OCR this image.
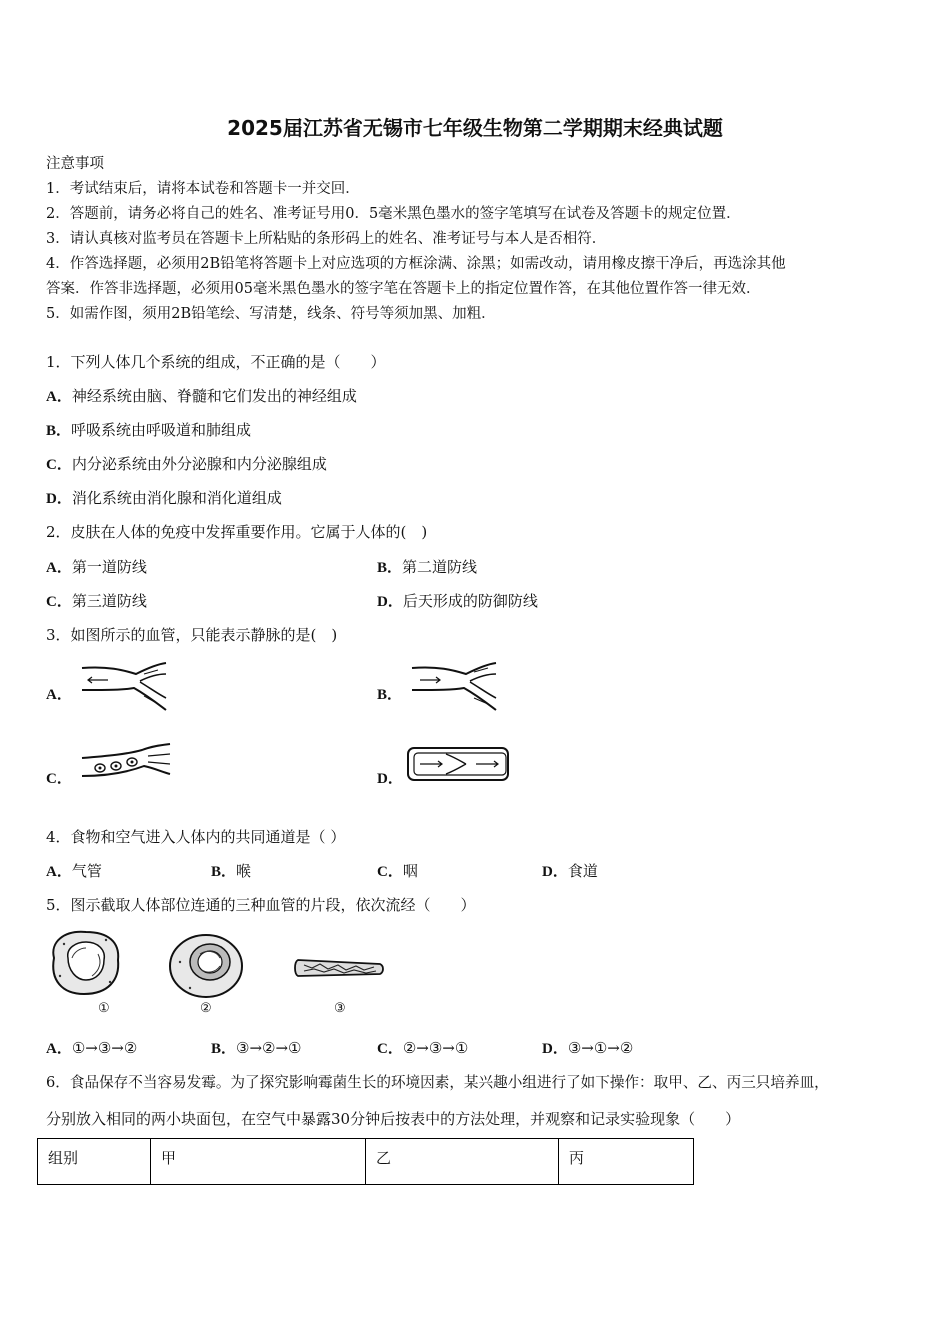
2025届江苏省无锡市七年级生物第二学期期末经典试题
注意事项
1．考试结束后，请将本试卷和答题卡一并交回．
2．答题前，请务必将自己的姓名、准考证号用0．5毫米黑色墨水的签字笔填写在试卷及答题卡的规定位置．
3．请认真核对监考员在答题卡上所粘贴的条形码上的姓名、准考证号与本人是否相符．
4．作答选择题，必须用2B铅笔将答题卡上对应选项的方框涂满、涂黑；如需改动，请用橡皮擦干净后，再选涂其他
答案．作答非选择题，必须用05毫米黑色墨水的签字笔在答题卡上的指定位置作答，在其他位置作答一律无效．
5．如需作图，须用2B铅笔绘、写清楚，线条、符号等须加黑、加粗．
1．下列人体几个系统的组成，不正确的是（　　）
A．神经系统由脑、脊髓和它们发出的神经组成
B．呼吸系统由呼吸道和肺组成
C．内分泌系统由外分泌腺和内分泌腺组成
D．消化系统由消化腺和消化道组成
2．皮肤在人体的免疫中发挥重要作用。它属于人体的(　)
A．第一道防线	B．第二道防线
C．第三道防线	D．后天形成的防御防线
3．如图所示的血管，只能表示静脉的是(　)
A．	B．
C．	D．
4．食物和空气进入人体内的共同通道是（ ）
A．气管	B．喉	C．咽	D．食道
5．图示截取人体部位连通的三种血管的片段，依次流经（　　）
①	②	③
A．①→③→②	B．③→②→①	C．②→③→①	D．③→①→②
6．食品保存不当容易发霉。为了探究影响霉菌生长的环境因素，某兴趣小组进行了如下操作：取甲、乙、丙三只培养皿，
分别放入相同的两小块面包，在空气中暴露30分钟后按表中的方法处理，并观察和记录实验现象（　　）
组别	甲	乙	丙
